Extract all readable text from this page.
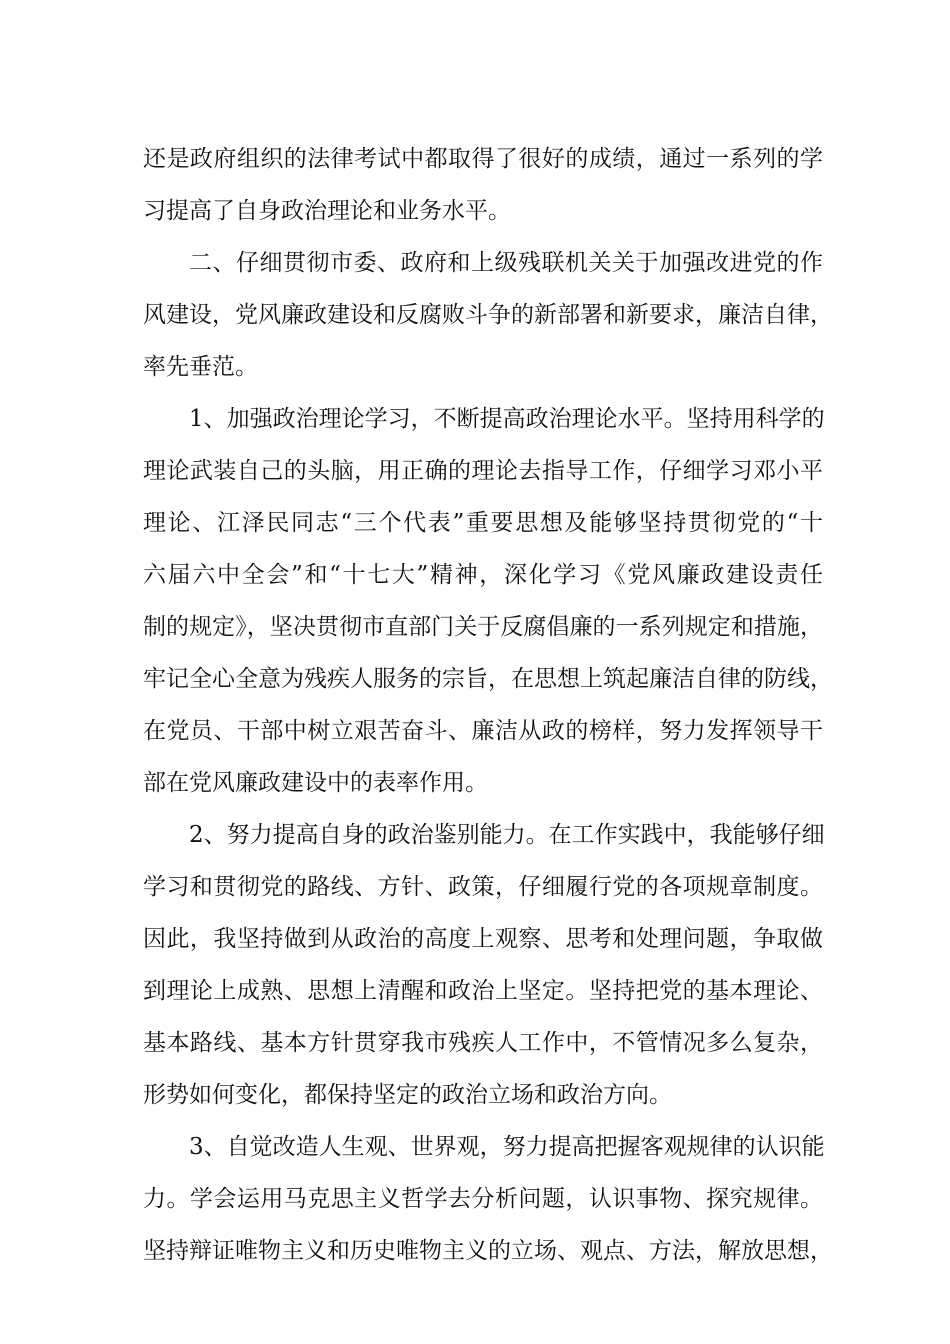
还是政府组织的法律考试中都取得了很好的成绩，通过一系列的学
习提高了自身政治理论和业务水平。
二、仔细贯彻市委、政府和上级残联机关关于加强改进党的作
风建设，党风廉政建设和反腐败斗争的新部署和新要求，廉洁自律，
率先垂范。
1、加强政治理论学习，不断提高政治理论水平。坚持用科学的
理论武装自己的头脑，用正确的理论去指导工作，仔细学习邓小平
理论、江泽民同志“三个代表”重要思想及能够坚持贯彻党的“十
六届六中全会”和“十七大”精神，深化学习《党风廉政建设责任
制的规定》，坚决贯彻市直部门关于反腐倡廉的一系列规定和措施，
牢记全心全意为残疾人服务的宗旨，在思想上筑起廉洁自律的防线，
在党员、干部中树立艰苦奋斗、廉洁从政的榜样，努力发挥领导干
部在党风廉政建设中的表率作用。
2、努力提高自身的政治鉴别能力。在工作实践中，我能够仔细
学习和贯彻党的路线、方针、政策，仔细履行党的各项规章制度。
因此，我坚持做到从政治的高度上观察、思考和处理问题，争取做
到理论上成熟、思想上清醒和政治上坚定。坚持把党的基本理论、
基本路线、基本方针贯穿我市残疾人工作中，不管情况多么复杂，
形势如何变化，都保持坚定的政治立场和政治方向。
3、自觉改造人生观、世界观，努力提高把握客观规律的认识能
力。学会运用马克思主义哲学去分析问题，认识事物、探究规律。
坚持辩证唯物主义和历史唯物主义的立场、观点、方法，解放思想，
